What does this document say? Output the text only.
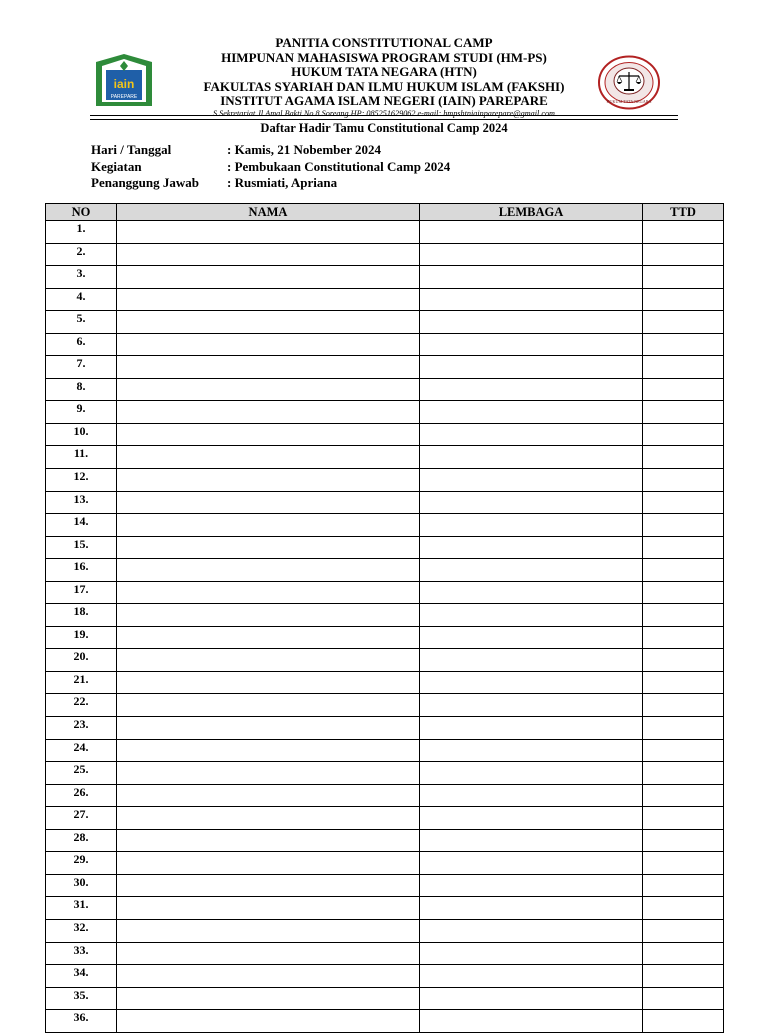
iain
PAREPARE
HUKUM TATA NEGARA
PANITIA CONSTITUTIONAL CAMP
HIMPUNAN MAHASISWA PROGRAM STUDI (HM-PS)
HUKUM TATA NEGARA (HTN)
FAKULTAS SYARIAH DAN ILMU HUKUM ISLAM (FAKSHI)
INSTITUT AGAMA ISLAM NEGERI (IAIN) PAREPARE
S Sekretariat Jl.Amal Bakti No.8 Soreang HP: 085251629062 e-mail: hmpshtniainparepare@gmail.com
Daftar Hadir Tamu Constitutional Camp 2024
Hari / Tanggal	: Kamis, 21 Nobember 2024
Kegiatan	: Pembukaan Constitutional Camp 2024
Penanggung Jawab : Rusmiati, Apriana
NO	NAMA	LEMBAGA	TTD
1.			
2.			
3.			
4.			
5.			
6.			
7.			
8.			
9.			
10.			
11.			
12.			
13.			
14.			
15.			
16.			
17.			
18.			
19.			
20.			
21.			
22.			
23.			
24.			
25.			
26.			
27.			
28.			
29.			
30.			
31.			
32.			
33.			
34.			
35.			
36.			
